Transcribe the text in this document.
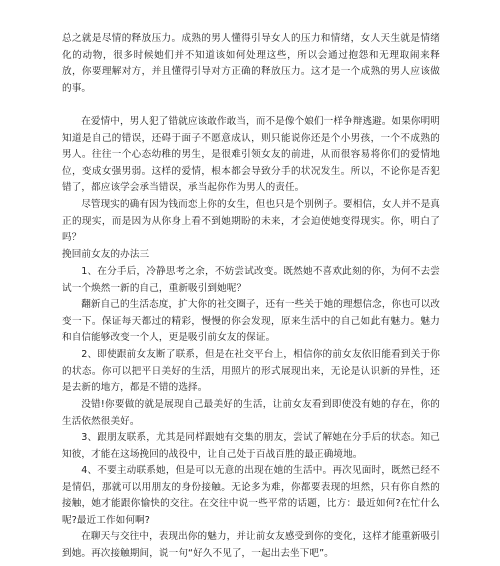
总之就是尽情的释放压力。成熟的男人懂得引导女人的压力和情绪，女人天生就是情绪化的动物，很多时候她们并不知道该如何处理这些，所以会通过抱怨和无理取闹来释放，你要理解对方，并且懂得引导对方正确的释放压力。这才是一个成熟的男人应该做的事。

在爱情中，男人犯了错就应该敢作敢当，而不是像个娘们一样争辩逃避。如果你明明知道是自己的错误，还碍于面子不愿意成认，则只能说你还是个小男孩，一个不成熟的男人。往往一个心态幼稚的男生，是很难引领女友的前进，从而很容易将你们的爱情地位，变成女强男弱。这样的爱情，根本都会导致分手的状况发生。所以，不论你是否犯错了，都应该学会承当错误，承当起你作为男人的责任。

尽管现实的确有因为钱而恋上你的女生，但也只是个别例子。要相信，女人并不是真正的现实，而是因为从你身上看不到她期盼的未来，才会迫使她变得现实。你，明白了吗？

挽回前女友的办法三

1、在分手后，冷静思考之余，不妨尝试改变。既然她不喜欢此刻的你，为何不去尝试一个焕然一新的自己，重新吸引到她呢？

翻新自己的生活态度，扩大你的社交圈子，还有一些关于她的理想信念，你也可以改变一下。保证每天都过的精彩，慢慢的你会发现，原来生活中的自己如此有魅力。魅力和自信能够改变一个人，更是吸引前女友的保证。

2、即使跟前女友断了联系，但是在社交平台上，相信你的前女友依旧能看到关于你的状态。你可以把平日美好的生活，用照片的形式展现出来，无论是认识新的异性，还是去新的地方，都是不错的选择。

没错!你要做的就是展现自己最美好的生活，让前女友看到即使没有她的存在，你的生活依然很美好。

3、跟朋友联系，尤其是同样跟她有交集的朋友，尝试了解她在分手后的状态。知己知彼，才能在这场挽回的战役中，让自己处于百战百胜的最正确境地。

4、不要主动联系她，但是可以无意的出现在她的生活中。再次见面时，既然已经不是情侣，那就可以用朋友的身份接触。无论多为难，你都要表现的坦然，只有你自然的接触，她才能跟你愉快的交往。在交往中说一些平常的话题，比方：最近如何?在忙什么呢?最近工作如何啊?

在聊天与交往中，表现出你的魅力，并让前女友感受到你的变化，这样才能重新吸引到她。再次接触期间，说一句“好久不见了，一起出去坐下吧”。
